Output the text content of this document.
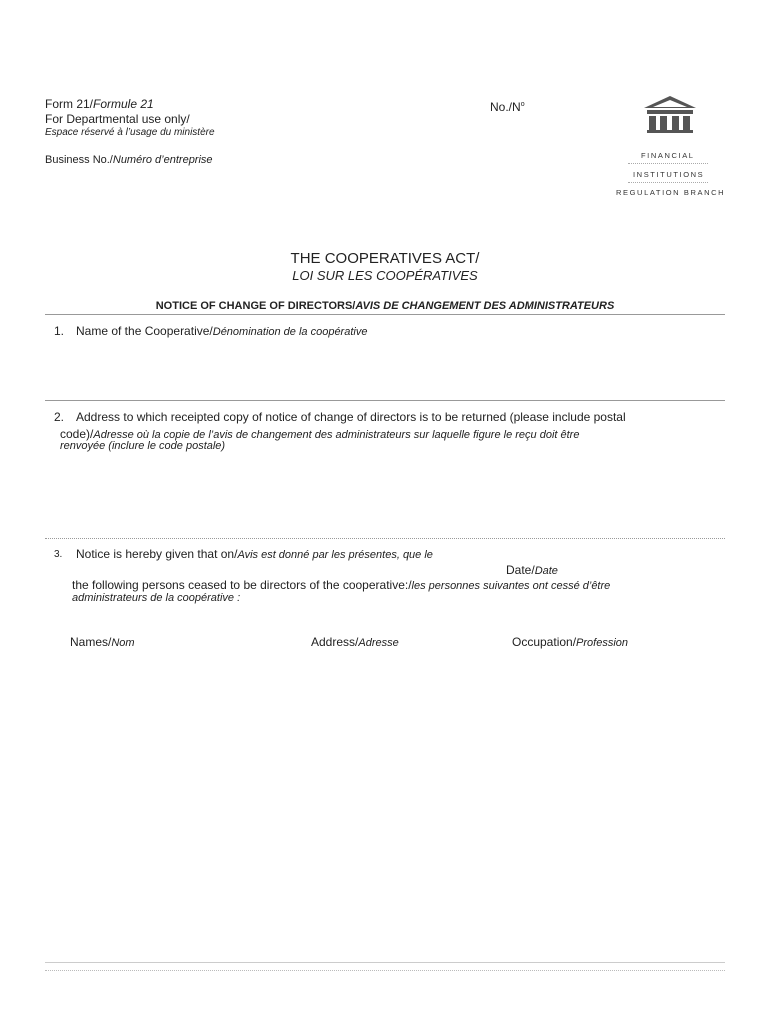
Form 21/Formule 21
For Departmental use only/
Espace réservé à l’usage du ministère
Business No./Numéro d’entreprise
$No./N^o$
FINANCIAL
INSTITUTIONS
REGULATION BRANCH
THE COOPERATIVES ACT/
LOI SUR LES COOPÉRATIVES
NOTICE OF CHANGE OF DIRECTORS/AVIS DE CHANGEMENT DES ADMINISTRATEURS
1. Name of the Cooperative/Dénomination de la coopérative
2. Address to which receipted copy of notice of change of directors is to be returned (please include postal
code)/Adresse où la copie de l’avis de changement des administrateurs sur laquelle figure le reçu doit être
renvoyée (inclure le code postale)
3. Notice is hereby given that on/Avis est donné par les présentes, que le
Date/Date
the following persons ceased to be directors of the cooperative:/les personnes suivantes ont cessé d’être
administrateurs de la coopérative :
Names/Nom	Address/Adresse	Occupation/Profession
